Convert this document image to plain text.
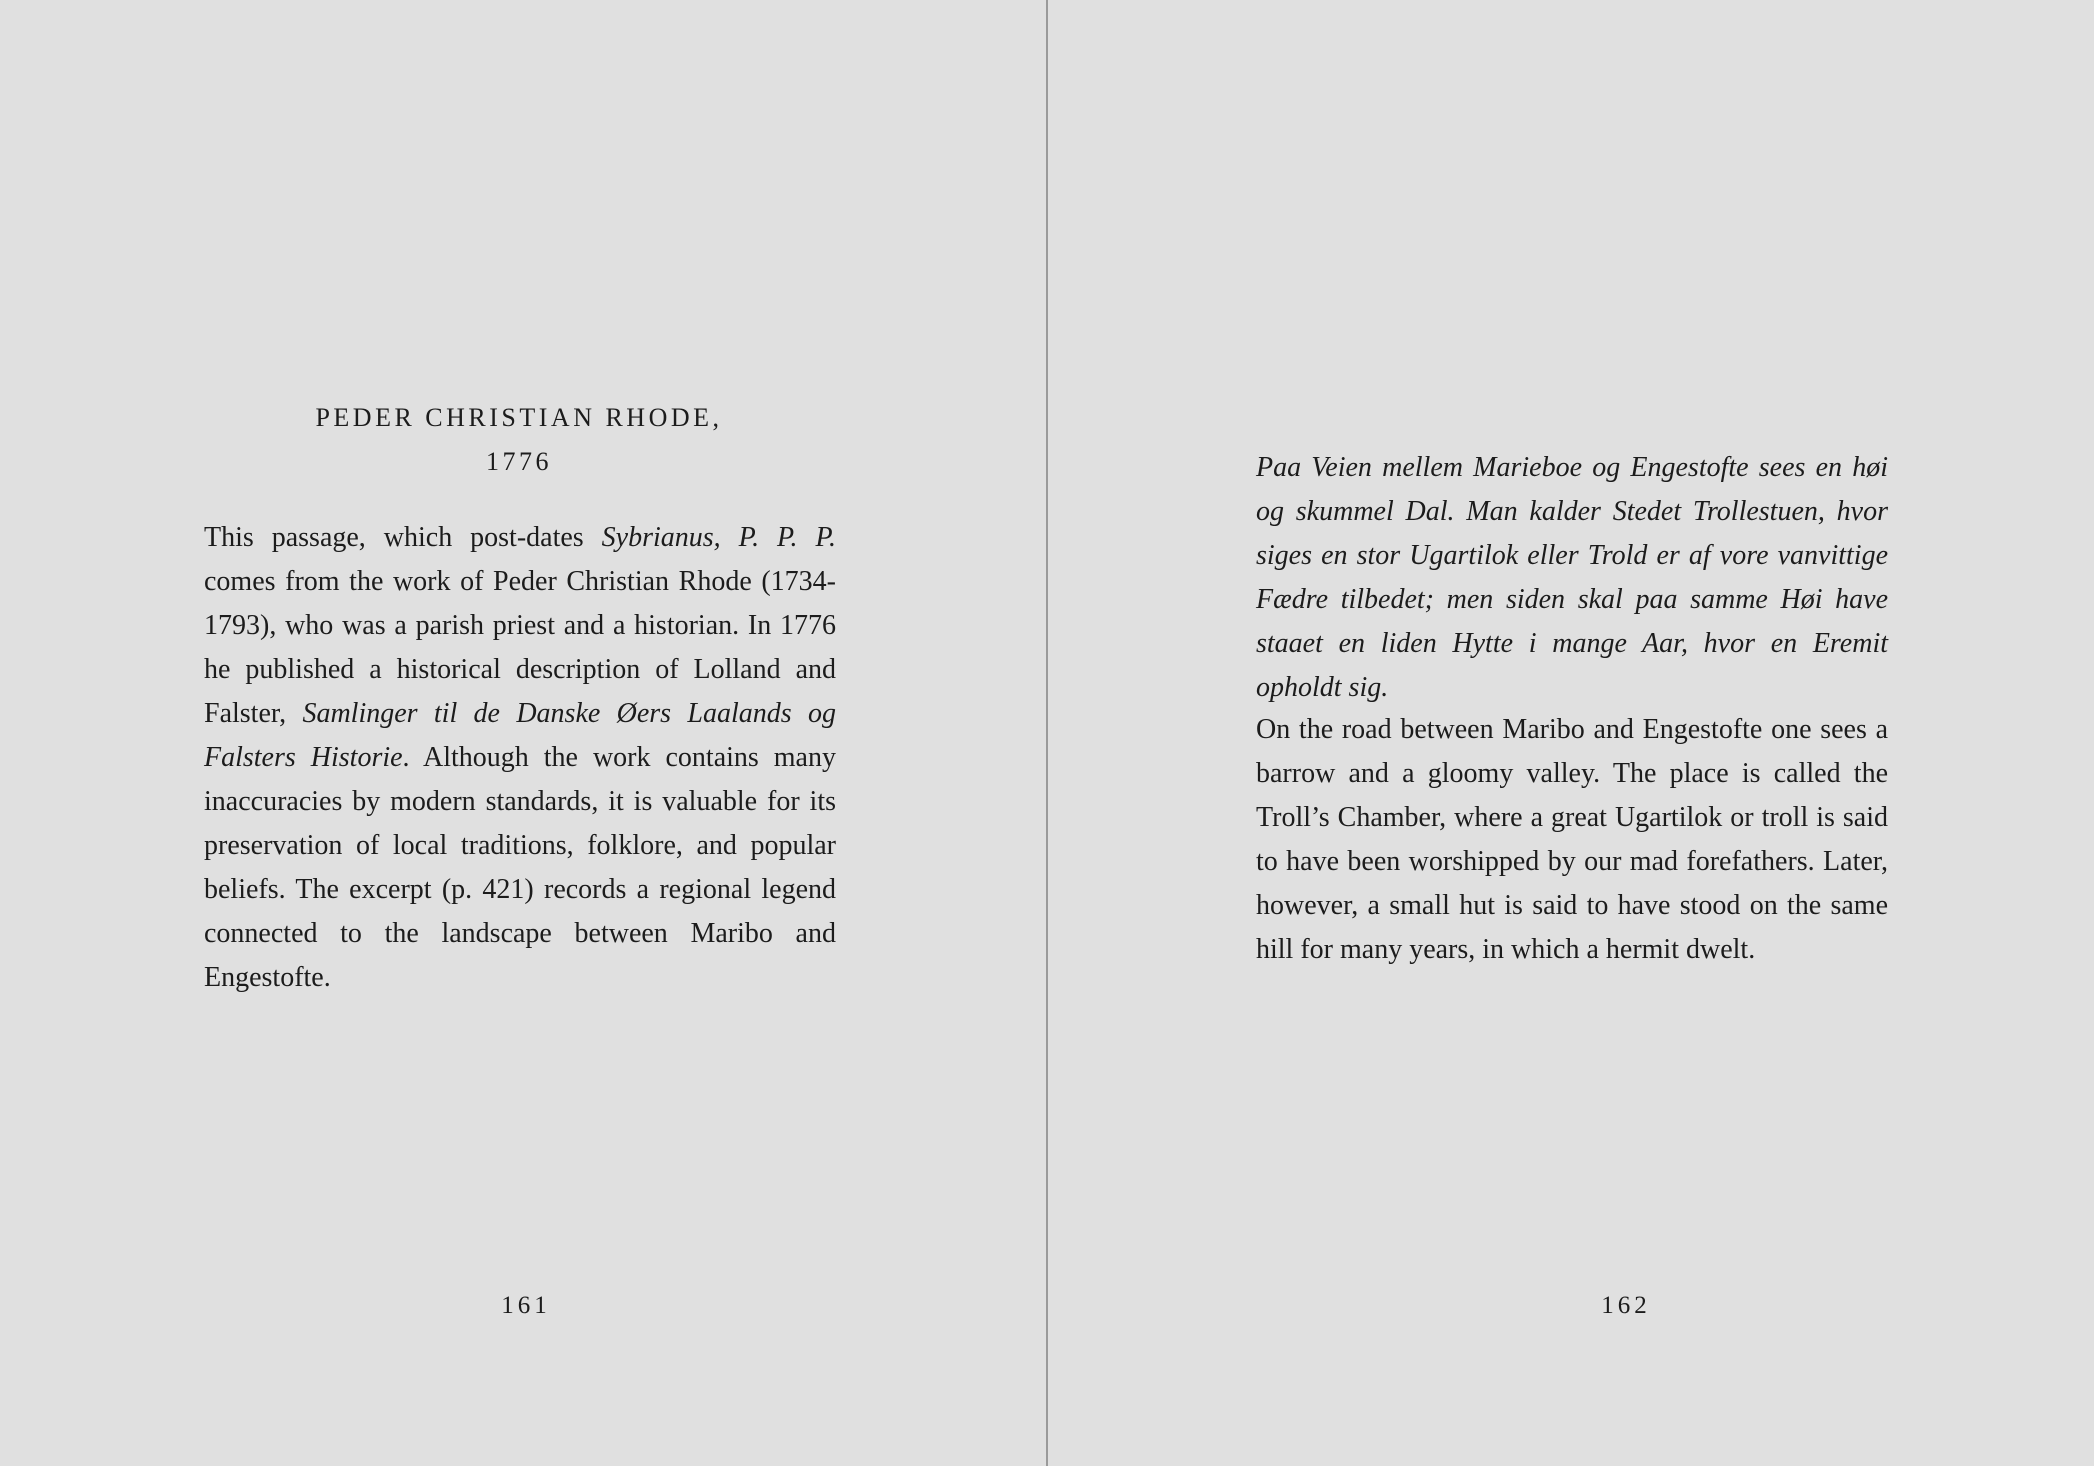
PEDER CHRISTIAN RHODE,
1776

This passage, which post-dates Sybrianus, P. P. P. comes from the work of Peder Christian Rhode (1734-1793), who was a parish priest and a historian. In 1776 he published a historical description of Lolland and Falster, Samlinger til de Danske Øers Laalands og Falsters Historie. Although the work contains many inaccuracies by modern standards, it is valuable for its preservation of local traditions, folklore, and popular beliefs. The excerpt (p. 421) records a regional legend connected to the landscape between Maribo and Engestofte.

161

Paa Veien mellem Marieboe og Engestofte sees en høi og skummel Dal. Man kalder Stedet Trollestuen, hvor siges en stor Ugartilok eller Trold er af vore vanvittige Fædre tilbedet; men siden skal paa samme Høi have staaet en liden Hytte i mange Aar, hvor en Eremit opholdt sig.

On the road between Maribo and Engestofte one sees a barrow and a gloomy valley. The place is called the Troll’s Chamber, where a great Ugartilok or troll is said to have been worshipped by our mad forefathers. Later, however, a small hut is said to have stood on the same hill for many years, in which a hermit dwelt.

162
